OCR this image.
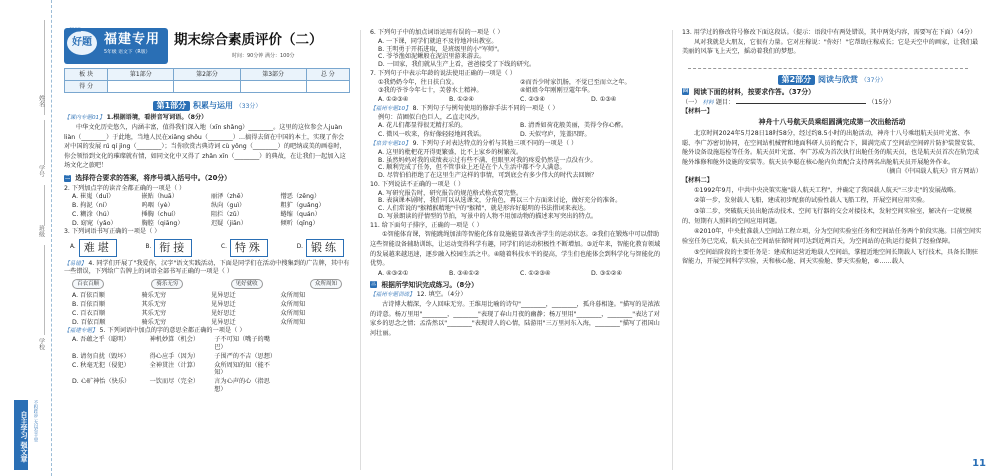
姓名
学号
班级
学校
自主学习 强文章	不积跬步 无以至千里
考试宝
好题 福建专用
5年级 语文下（R版）
期末综合素质评价（二）
时间：90分钟 满分：100分
板 块	第1部分	第2部分	第3部分	总 分
得 分				
第1部分 积累与运用 （33分）
【课内专题01】 1.根据语境，看拼音写词语。（8分）
中华文化历史悠久，内涵丰富，值得我们深入地（xīn shǎng）________。这里的这位参会人juàn liàn（________）于此地，当地人民在xiāng shǒu（________）…搞得去留在中国的本土，实现了你会对中国的发展 rú qí jìng（________）；当你欣赏古典诗词 cù yōng（________）的吧纳或美的画卷时，你会领悟到文化的璀璨就有情，如同文化中又得了 zhǎn xīn（________）的典故，在让我们一起加入这场文化之旅吧！
二 选择符合要求的答案，将序号填入括号中。（20分）
2. 下列加点字的读音全都正确的一项是（ ）
A. 崔嵬（duǐ）	嵌贴（huā）	丽泽（zhē）	憎恶（zēng）
B. 拘泥（ní）	呜咽（yè）	纵向（guì）	粗犷（guǎng）
C. 糊涂（hú）	捶胸（chuí）	阻拦（zǔ）	蜷缩（quán）
D. 窈窕（yǎo）	胸腔（qiāng）	迟疑（jiān）	倾听（qīng）
3. 下列词语书写正确的一项是（ ）
A. 难堪	B. 衔接	C. 特殊	D. 锻练
【易错】 4. 同学们开展了"我爱你，汉字"语文实践活动，下面是同学们在活动中搜集到的广告牌，其中有一些错误，下列给广告牌上的词语全部书写正确的一项是（ ）
百衣百顺	骑乐无穷	见好就收	众所周知
A. 百依百顺	骑乐无穷	见异思迁	众所周知
B. 百依百顺	其乐无穷	见异思迁	众所周知
C. 百衣百顺	其乐无穷	见好思迁	众所周知
D. 百依百顺	骑乐无穷	见异思迁	众所周知
【福建专题】 5. 下列词语中加点的字的意思全都正确的一项是（ ）
A. 吾蕴之乎（聪明）	神机妙算（机会）	子不可知（嘴子的嘴巴）
B. 请勿自扰（毁坏）	得心应手（因为）	子围严的不吉（思想）
C. 秋毫无犯（侵犯）	全神贯注（计算）	众所周知的知（能不知）
D. 心旷神怡（快乐）	一饮而尽（完全）	言为心声的心（指思想）
6. 下列句子中的加点词语运用有误的一项是（ ）
A. 一下课，同学们就迫不及待地冲出教室。
B. 王明勇于开拓进取，是班级里的小"军师"。
C. 爷爷渔如泥鳅般在泥沼里游来游去。
D. 一回家，我们就从生产上看，爸爸接受了下线的研究。
7. 下列句子中表示年龄的说法使用正确的一项是（ ）
①我奶奶今年，往日扶白发。	②而吾少时家饥肠，不觉已至而立之年。
③我的爷爷今年七十，芙蓉水土精神。	④姐姐今年刚刚豆蔻年华。
A. ①②③④	B. ①②④	C. ②③④	D. ①③④
【福州专题10】 8. 下列句子与例句使用的修辞手法不同的一项是（ ）
例句：苗圃似白色巨人，乙直走风沙。
A. 花儿们都显得很无精打采的。	B. 清香如荷花般美丽，美得令你心醉。
C. 微风一吹来，你好像轻轻地问我话。	D. 天似穹庐，笼盖四野。
【泉省专题10】 9. 下列句子对表达特点的分析与其他三项不同的一项是（ ）
A. 这里的枇杷花开得更繁盛，比不上家乡的树繁茂。
B. 虽然妈妈对我的成绩表示过有些不满，但眼里对我的疼爱仍然是一点没有少。
C. 顺利完成了任务，但不管事业上还是在个人生活中都不令人满意。
D. 尽管伯伯拒绝了在这里生产这样的事情，可到底会有多少伟大的时代去回顾？
10. 下列说法不正确的一项是（ ）
A. 写研究报告时，研究报告的规范格式格式要完整。
B. 表演课本剧时，我们可以从选课文，分角色，再以三个方面来讨论，做好充分的准备。
C. 人们常说的"猴精猴精地"中的"猴精"，就是形容好聪明的书法措词来表达。
D. 写景朗读的抒情型的节拍，写景中的人物不用加动物的描述来写突出的特点。
11. 给下面句子排序，正确的一项是（ ）
①智能体育课，智能跳绳加油等智能化体育设施能显著改善学生的运动状态。②我们在锻炼中可以借助这些智能设备辅助训练，让运动变得科学有趣，同学们的运动积极性不断增加。③近年来，智能化教育领域的发展越来越迅速，逐步融入校园生活之中。④随着科技水平的提高，学生们也能体会到科学化与智能化的优势。
A. ④③②①	B. ③④①②	C. ①②③④	D. ③①②④
三 根据所学知识完成练习。（8分）
【福州专题训练】 12. 填空。（4分）
古诗博大精深，令人回味无穷。王维用比喻的诗句"________，________，孤舟暮相逢。"描写的是浓浓的诗意。杨万里用"________，________"表现了春山月夜的幽静；杨万里用"________，________"表达了对家乡的思念之情；孟浩然以"________"表现诗人的心情，陆游用"三万里河东入海，________"描写了祖国山河壮丽。
13. 用学过的修改符号修改下面这段话。（提示：语段中有两处错误，其中两处内容，需要写在下面）（4分）
风对我就是大朋友，它很有力量。它对庄稼说："你好！"它帮助庄稼成长；它是天空中的画家，让我们最美丽的风筝飞上天空，摇动着我们的梦想。
第2部分 阅读与欣赏 （37分）
四 阅读下面的材料，按要求作答。（37分）
（一） 材料 题目：	（15分）
【材料一】
神舟十八号航天员乘组圆满完成第一次出舱活动
北京时间2024年5月28日18时58分，经过约8.5小时的出舱活动，神舟十八号乘组航天员叶光富、李聪、李广苏密切协同，在空间站机械臂和地面科研人员的配合下，圆满完成了空间站空间碎片防护装置安装、舱外设备设施巡检等任务。航天员叶光富、李广苏成为首次执行出舱任务的航天员，也是航天员首次在轨完成舱外维修和舱外设施的安装等。航天员李聪在核心舱内负责配合支持两名出舱航天员开展舱外作业。
（摘自《中国载人航天》官方网站）
【材料二】
①1992年9月，中共中央决策实施"载人航天工程"，并确定了我国载人航天"三步走"的发展战略。
②第一步，发射载人飞船，建成初步配套的试验性载人飞船工程，开展空间应用实验。
③第二步，突破航天员出舱活动技术、空间飞行器的交会对接技术，发射空间实验室，解决有一定规模的、短期有人照料的空间应用问题。
④2010年，中央批准载人空间站工程立项，分为空间实验室任务和空间站任务两个阶段实施。目前空间实验室任务已完成，航天员在空间站驻留时间可达到近两百天，为空间站的在轨运行提供了经验保障。
⑤空间站阶段的主要任务是：建成和运营近地载人空间站，掌握近地空间长期载人飞行技术，具备长期驻留能力，开展空间科学实验，天和核心舱、问天实验舱、梦天实验舱，⑥……载人
11
